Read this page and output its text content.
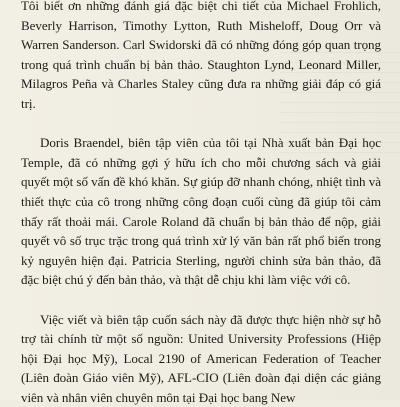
Tôi biết ơn những đánh giá đặc biệt chi tiết của Michael Frohlich, Beverly Harrison, Timothy Lytton, Ruth Misheloff, Doug Orr và Warren Sanderson. Carl Swidorski đã có những đóng góp quan trọng trong quá trình chuẩn bị bản thảo. Staughton Lynd, Leonard Miller, Milagros Peña và Charles Staley cũng đưa ra những giải đáp có giá trị.

Doris Braendel, biên tập viên của tôi tại Nhà xuất bản Đại học Temple, đã có những gợi ý hữu ích cho mỗi chương sách và giải quyết một số vấn đề khó khăn. Sự giúp đỡ nhanh chóng, nhiệt tình và thiết thực của cô trong những công đoạn cuối cùng đã giúp tôi cảm thấy rất thoải mái. Carole Roland đã chuẩn bị bản thảo để nộp, giải quyết vô số trục trặc trong quá trình xử lý văn bản rất phổ biến trong kỷ nguyên hiện đại. Patricia Sterling, người chỉnh sửa bản thảo, đã đặc biệt chú ý đến bản thảo, và thật dễ chịu khi làm việc với cô.

Việc viết và biên tập cuốn sách này đã được thực hiện nhờ sự hỗ trợ tài chính từ một số nguồn: United University Professions (Hiệp hội Đại học Mỹ), Local 2190 of American Federation of Teacher (Liên đoàn Giáo viên Mỹ), AFL-CIO (Liên đoàn đại diện các giảng viên và nhân viên chuyên môn tại Đại học bang New
